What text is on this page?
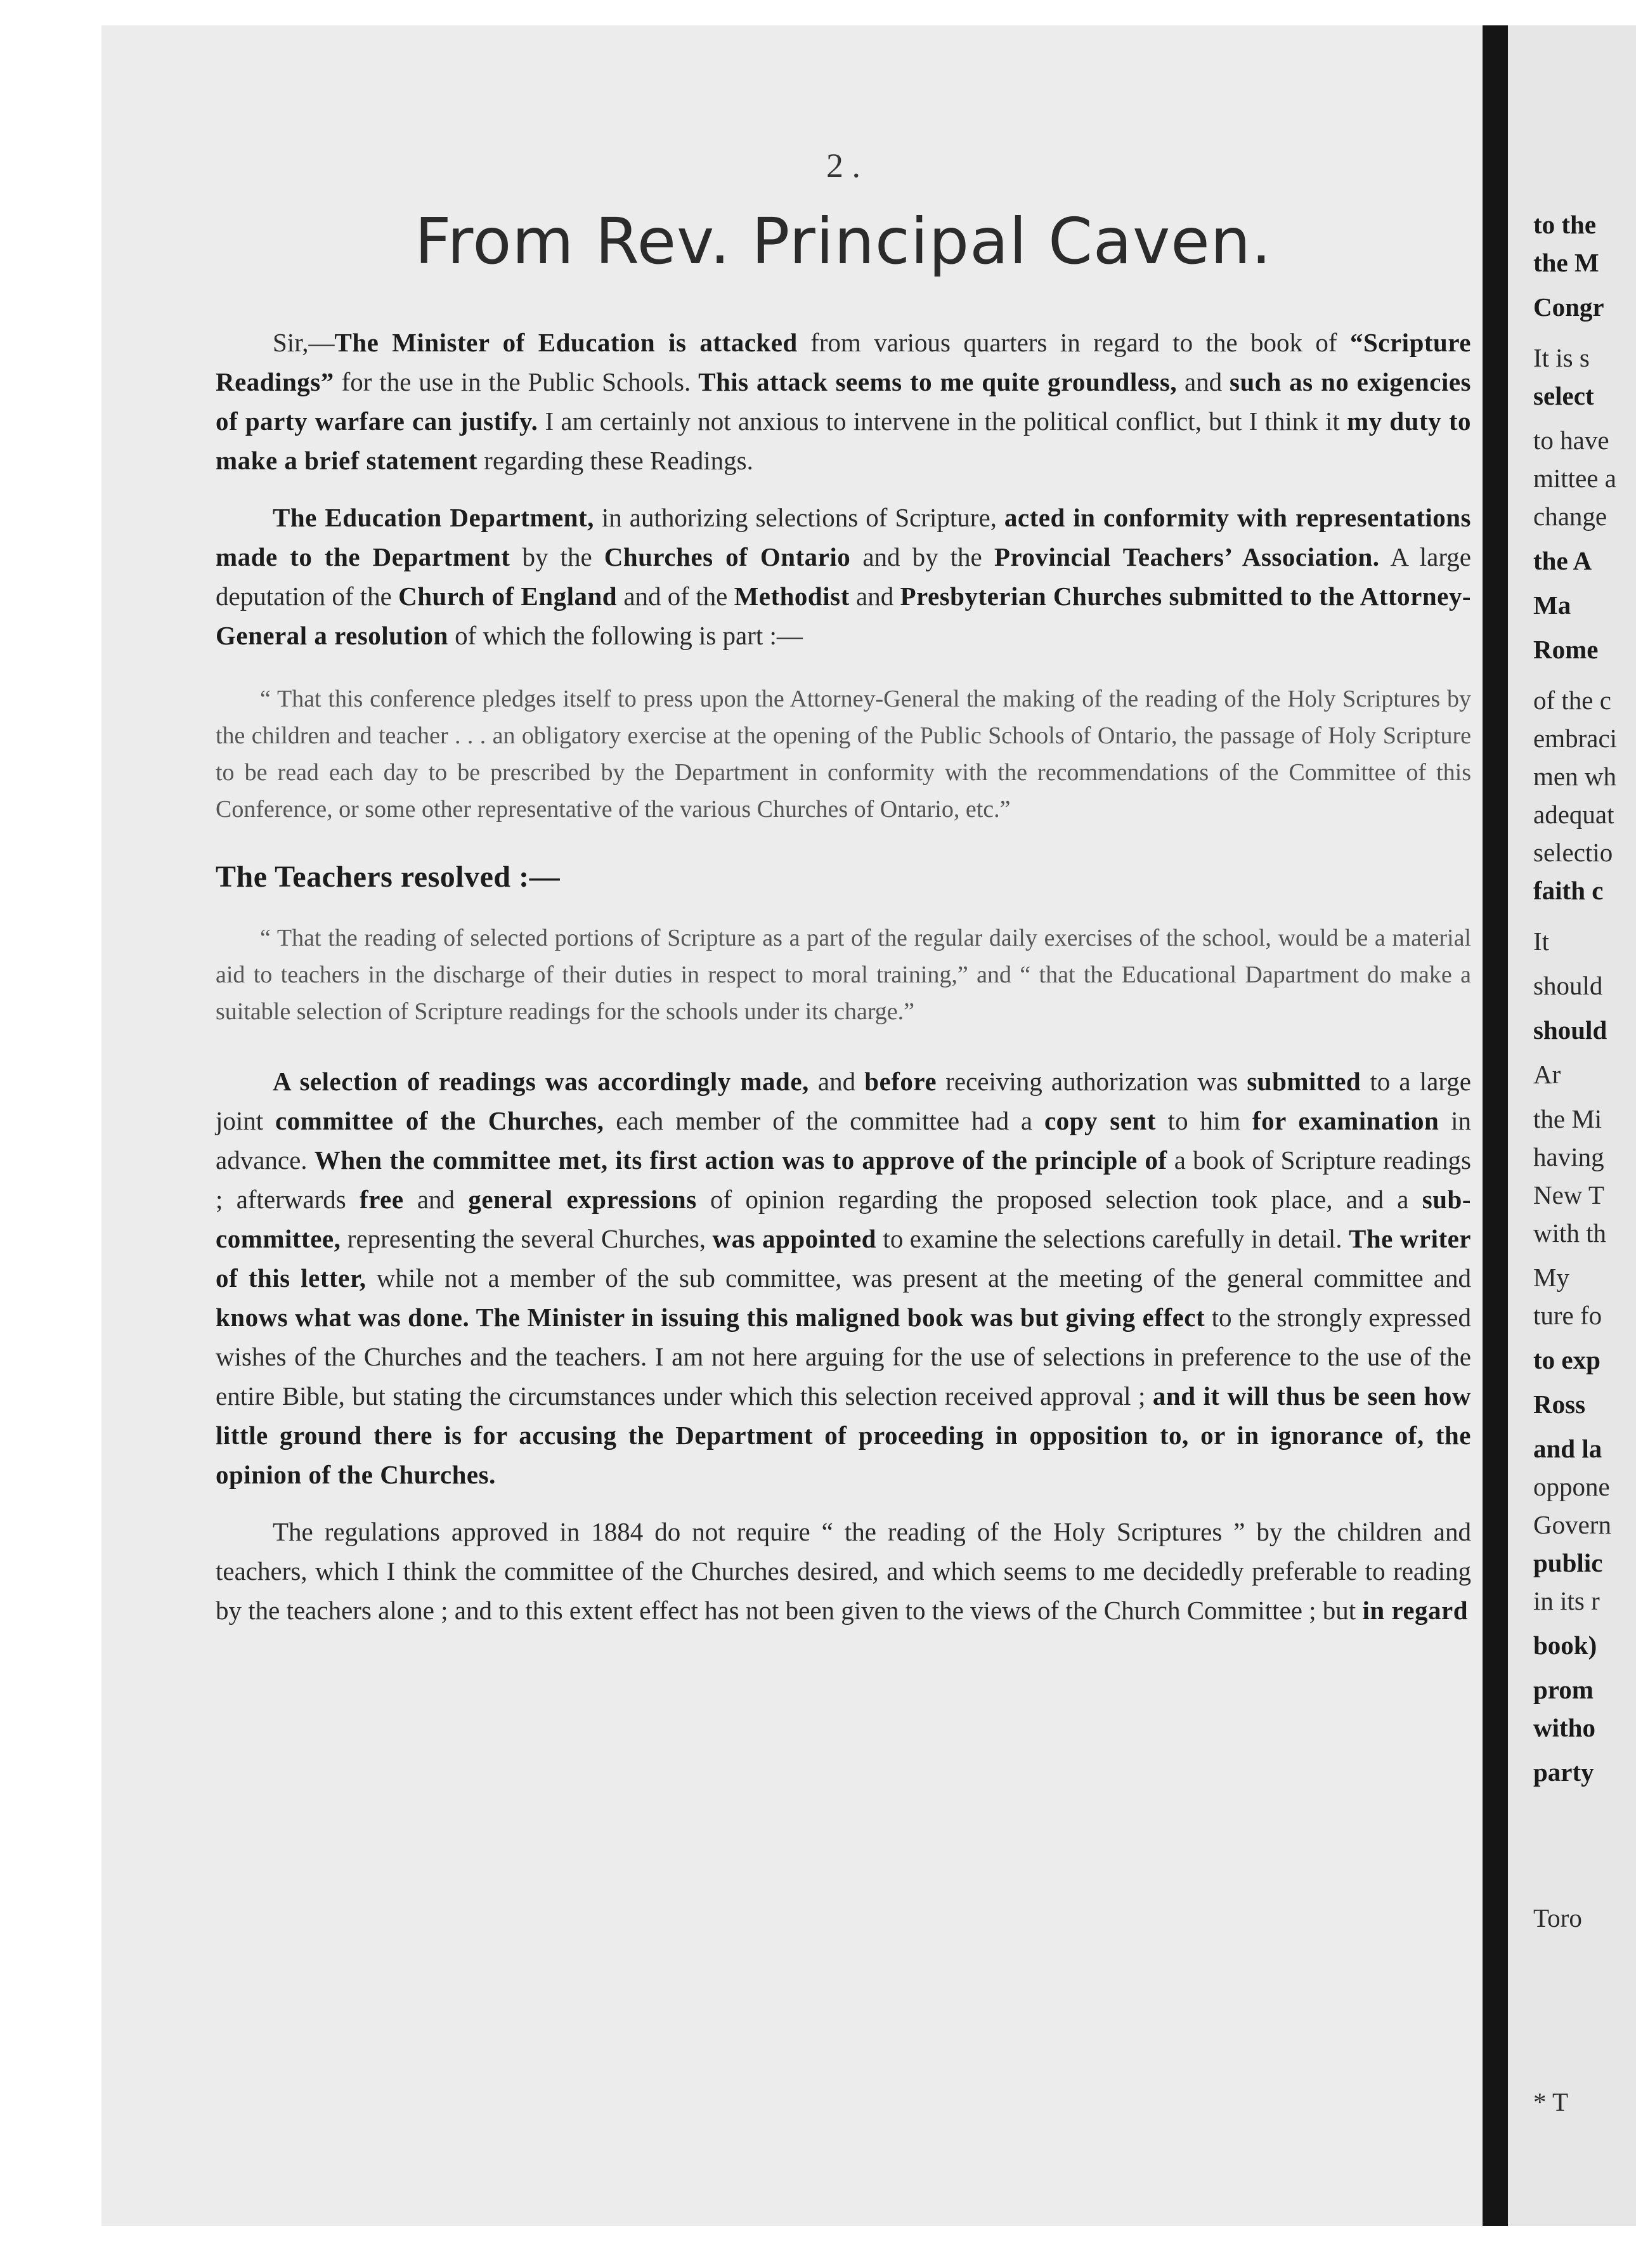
2 .
From Rev. Principal Caven.

Sir,—The Minister of Education is attacked from various quarters in regard to the book of “Scripture Readings” for the use in the Public Schools. This attack seems to me quite groundless, and such as no exigencies of party warfare can justify. I am certainly not anxious to intervene in the political conflict, but I think it my duty to make a brief statement regarding these Readings.

The Education Department, in authorizing selections of Scripture, acted in conformity with representations made to the Department by the Churches of Ontario and by the Provincial Teachers’ Association. A large deputation of the Church of England and of the Methodist and Presbyterian Churches submitted to the Attorney-General a resolution of which the following is part :—

“ That this conference pledges itself to press upon the Attorney-General the making of the reading of the Holy Scriptures by the children and teacher . . . an obligatory exercise at the opening of the Public Schools of Ontario, the passage of Holy Scripture to be read each day to be prescribed by the Department in conformity with the recommendations of the Committee of this Conference, or some other representative of the various Churches of Ontario, etc.”

The Teachers resolved :—

“ That the reading of selected portions of Scripture as a part of the regular daily exercises of the school, would be a material aid to teachers in the discharge of their duties in respect to moral training,” and “ that the Educational Dapartment do make a suitable selection of Scripture readings for the schools under its charge.”

A selection of readings was accordingly made, and before receiving authorization was submitted to a large joint committee of the Churches, each member of the committee had a copy sent to him for examination in advance. When the committee met, its first action was to approve of the principle of a book of Scripture readings ; afterwards free and general expressions of opinion regarding the proposed selection took place, and a sub-committee, representing the several Churches, was appointed to examine the selections carefully in detail. The writer of this letter, while not a member of the sub committee, was present at the meeting of the general committee and knows what was done. The Minister in issuing this maligned book was but giving effect to the strongly expressed wishes of the Churches and the teachers. I am not here arguing for the use of selections in preference to the use of the entire Bible, but stating the circumstances under which this selection received approval ; and it will thus be seen how little ground there is for accusing the Department of proceeding in opposition to, or in ignorance of, the opinion of the Churches.

The regulations approved in 1884 do not require “ the reading of the Holy Scriptures ” by the children and teachers, which I think the committee of the Churches desired, and which seems to me decidedly preferable to reading by the teachers alone ; and to this extent effect has not been given to the views of the Church Committee ; but in regard

to the
the M
Congr
It is s
select
to have
mittee a
change
the A
Ma
Rome
of the c
embraci
men wh
adequat
selectio
faith c
It
should
should
Ar
the Mi
having
New T
with th
My
ture fo
to exp
Ross
and la
oppone
Govern
public
in its r
book)
prom
witho
party
Toro
* T
